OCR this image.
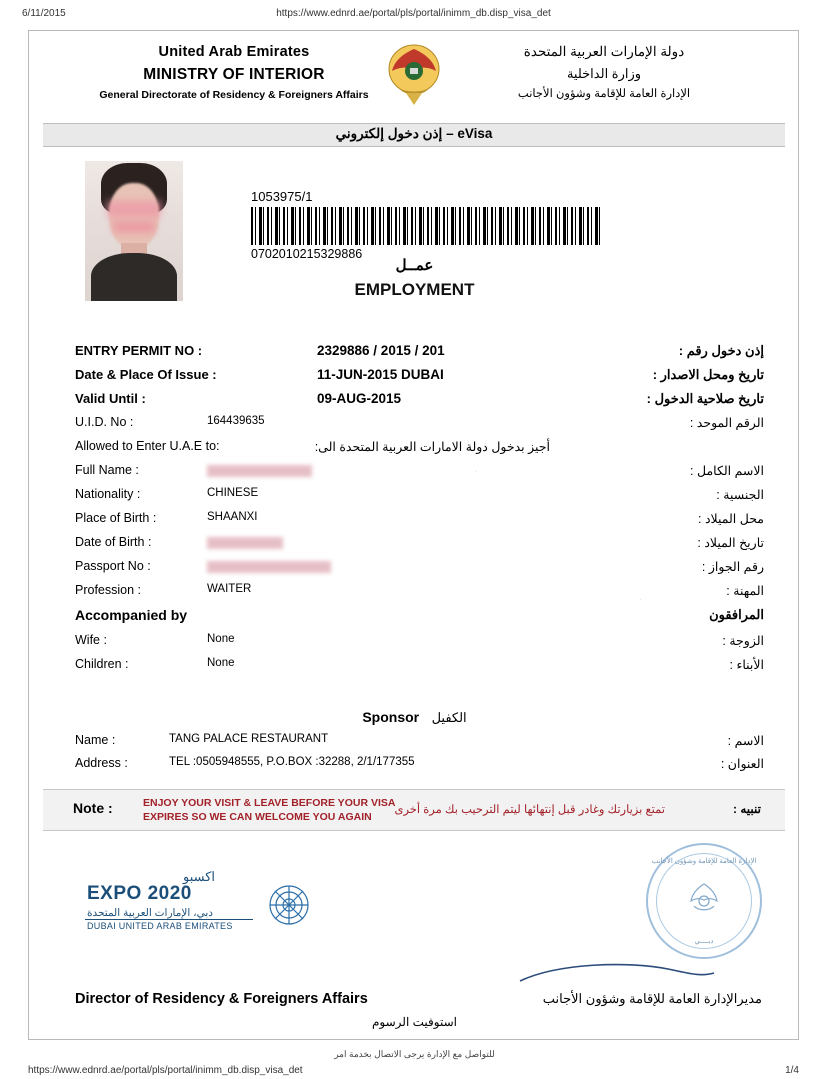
6/11/2015	https://www.ednrd.ae/portal/pls/portal/inimm_db.disp_visa_det
United Arab Emirates
MINISTRY OF INTERIOR
General Directorate of Residency & Foreigners Affairs
دولة الإمارات العربية المتحدة
وزارة الداخلية
الإدارة العامة للإقامة وشؤون الأجانب
إذن دخول إلكتروني – eVisa
1053975/1
0702010215329886
عمــل
EMPLOYMENT
.
.
ENTRY PERMIT NO :	2329886 / 2015 / 201	إذن دخول رقم :
Date & Place Of Issue :	11-JUN-2015 DUBAI	تاريخ ومحل الاصدار :
Valid Until :	09-AUG-2015	تاريخ صلاحية الدخول :
U.I.D. No :	164439635	الرقم الموحد :
Allowed to Enter U.A.E to:	أجيز بدخول دولة الامارات العربية المتحدة الى:
Full Name :	الاسم الكامل :
Nationality :	CHINESE	الجنسية :
Place of Birth :	SHAANXI	محل الميلاد :
Date of Birth :	تاريخ الميلاد :
Passport No :	رقم الجواز :
Profession :	WAITER	المهنة :
Accompanied by	المرافقون
Wife :	None	الزوجة :
Children :	None	الأبناء :
Sponsor الكفيل
Name :	TANG PALACE RESTAURANT	الاسم :
Address :	TEL :0505948555, P.O.BOX :32288, 2/1/177355	العنوان :
Note :	ENJOY YOUR VISIT & LEAVE BEFORE YOUR VISA
EXPIRES SO WE CAN WELCOME YOU AGAIN
تمتع بزيارتك وغادر قبل إنتهائها ليتم الترحيب بك مرة أخرى	تنبيه :
اكسبو
EXPO 2020
دبي، الإمارات العربية المتحدة
DUBAI UNITED ARAB EMIRATES
الإدارة العامة للإقامة وشؤون الأجانب
دبــــي
Director of Residency & Foreigners Affairs	مديرالإدارة العامة للإقامة وشؤون الأجانب
استوفيت الرسوم
للتواصل مع الإدارة يرجى الاتصال بخدمة امر
https://www.ednrd.ae/portal/pls/portal/inimm_db.disp_visa_det	1/4
